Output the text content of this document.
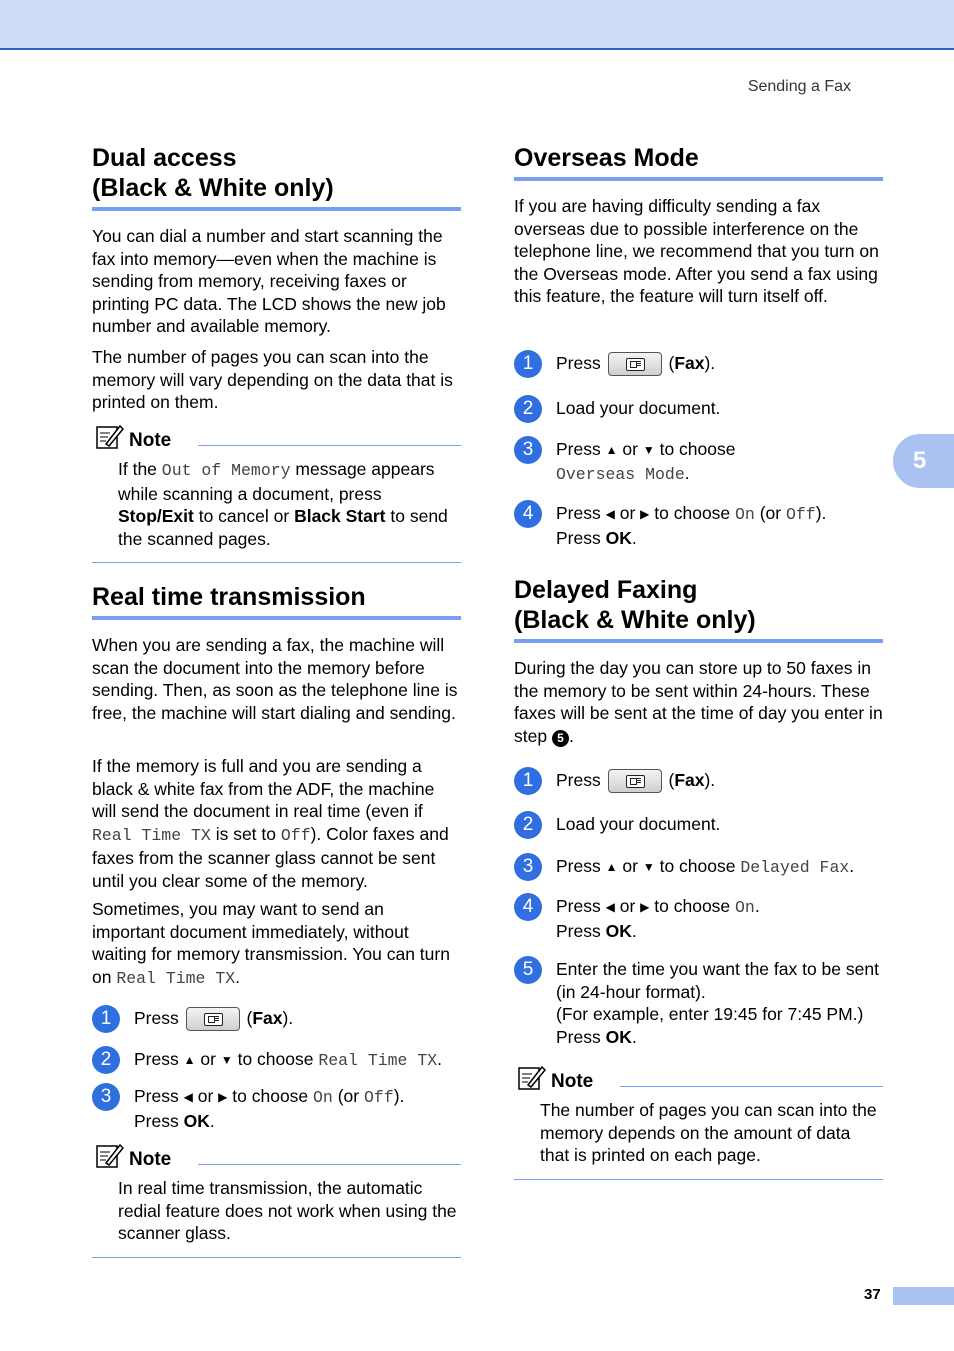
Sending a Fax
5
Dual access
(Black & White only)

You can dial a number and start scanning the fax into memory—even when the machine is sending from memory, receiving faxes or printing PC data. The LCD shows the new job number and available memory.

The number of pages you can scan into the memory will vary depending on the data that is printed on them.

Note

If the Out of Memory message appears while scanning a document, press Stop/Exit to cancel or Black Start to send the scanned pages.

Real time transmission

When you are sending a fax, the machine will scan the document into the memory before sending. Then, as soon as the telephone line is free, the machine will start dialing and sending.

If the memory is full and you are sending a black & white fax from the ADF, the machine will send the document in real time (even if Real Time TX is set to Off). Color faxes and faxes from the scanner glass cannot be sent until you clear some of the memory.

Sometimes, you may want to send an important document immediately, without waiting for memory transmission. You can turn on Real Time TX.

1	Press	(Fax).
2	Press ▲ or ▼ to choose Real Time TX.
3	Press ◀ or ▶ to choose On (or Off).
Press OK.
Note

In real time transmission, the automatic redial feature does not work when using the scanner glass.

Overseas Mode

If you are having difficulty sending a fax overseas due to possible interference on the telephone line, we recommend that you turn on the Overseas mode. After you send a fax using this feature, the feature will turn itself off.

1	Press	(Fax).
2	Load your document.
3	Press ▲ or ▼ to choose
Overseas Mode.
4	Press ◀ or ▶ to choose On (or Off).
Press OK.
Delayed Faxing
(Black & White only)

During the day you can store up to 50 faxes in the memory to be sent within 24-hours. These faxes will be sent at the time of day you enter in step 5 .

1	Press	(Fax).
2	Load your document.
3	Press ▲ or ▼ to choose Delayed Fax.
4	Press ◀ or ▶ to choose On.
Press OK.
5	Enter the time you want the fax to be sent (in 24-hour format).
(For example, enter 19:45 for 7:45 PM.)
Press OK.
Note

The number of pages you can scan into the memory depends on the amount of data that is printed on each page.

37
